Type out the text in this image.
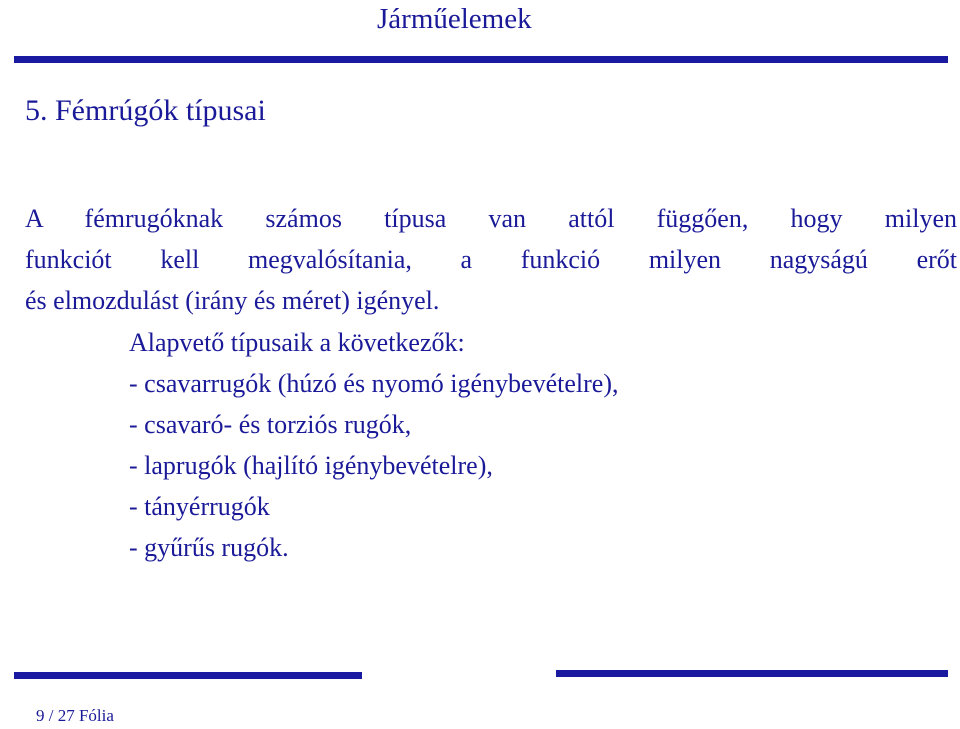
Járműelemek
5. Fémrúgók típusai
A fémrugóknak számos típusa van attól függően, hogy milyen
funkciót kell megvalósítania, a funkció milyen nagyságú erőt
és elmozdulást (irány és méret) igényel.
Alapvető típusaik a következők:
- csavarrugók (húzó és nyomó igénybevételre),
- csavaró- és torziós rugók,
- laprugók (hajlító igénybevételre),
- tányérrugók
- gyűrűs rugók.
9 / 27 Fólia
